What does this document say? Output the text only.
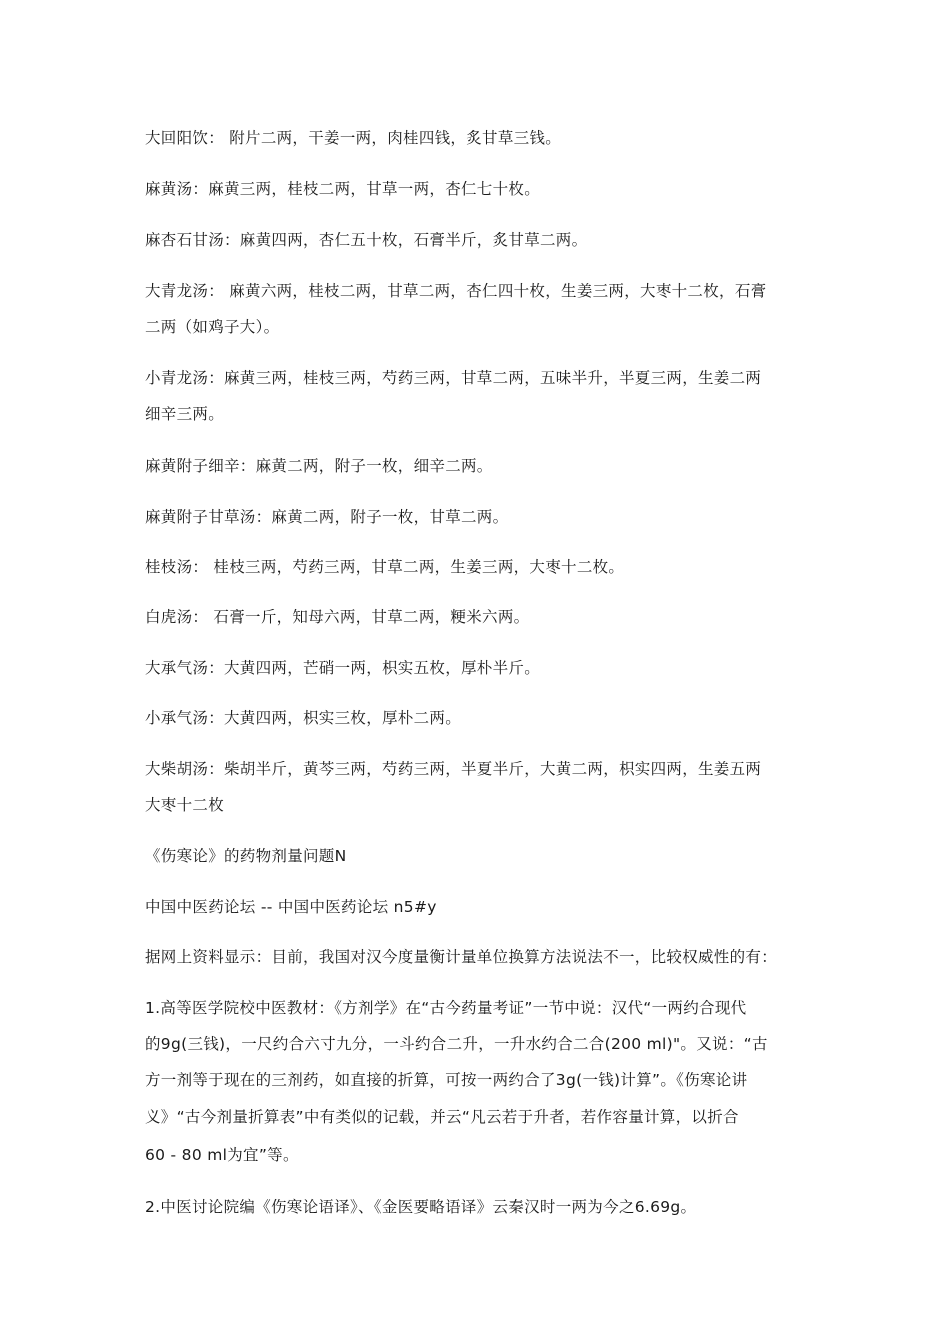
大回阳饮： 附片二两，干姜一两，肉桂四钱，炙甘草三钱。
麻黄汤：麻黄三两，桂枝二两，甘草一两，杏仁七十枚。
麻杏石甘汤：麻黄四两，杏仁五十枚，石膏半斤，炙甘草二两。
大青龙汤： 麻黄六两，桂枝二两，甘草二两，杏仁四十枚，生姜三两，大枣十二枚，石膏
二两（如鸡子大）。
小青龙汤：麻黄三两，桂枝三两，芍药三两，甘草二两，五味半升，半夏三两，生姜二两
细辛三两。
麻黄附子细辛：麻黄二两，附子一枚，细辛二两。
麻黄附子甘草汤：麻黄二两，附子一枚，甘草二两。
桂枝汤： 桂枝三两，芍药三两，甘草二两，生姜三两，大枣十二枚。
白虎汤： 石膏一斤，知母六两，甘草二两，粳米六两。
大承气汤：大黄四两，芒硝一两，枳实五枚，厚朴半斤。
小承气汤：大黄四两，枳实三枚，厚朴二两。
大柴胡汤：柴胡半斤，黄芩三两，芍药三两，半夏半斤，大黄二两，枳实四两，生姜五两
大枣十二枚
《伤寒论》的药物剂量问题N
中国中医药论坛 -- 中国中医药论坛 n5#y
据网上资料显示：目前，我国对汉今度量衡计量单位换算方法说法不一，比较权威性的有：
1.高等医学院校中医教材：《方剂学》在“古今药量考证”一节中说：汉代“一两约合现代
的9g(三钱)，一尺约合六寸九分，一斗约合二升，一升水约合二合(200 ml)"。又说：“古
方一剂等于现在的三剂药，如直接的折算，可按一两约合了3g(一钱)计算”。《伤寒论讲
义》“古今剂量折算表”中有类似的记载，并云“凡云若于升者，若作容量计算，以折合
60 - 80 ml为宜”等。
2.中医讨论院编《伤寒论语译》、《金医要略语译》云秦汉时一两为今之6.69g。
